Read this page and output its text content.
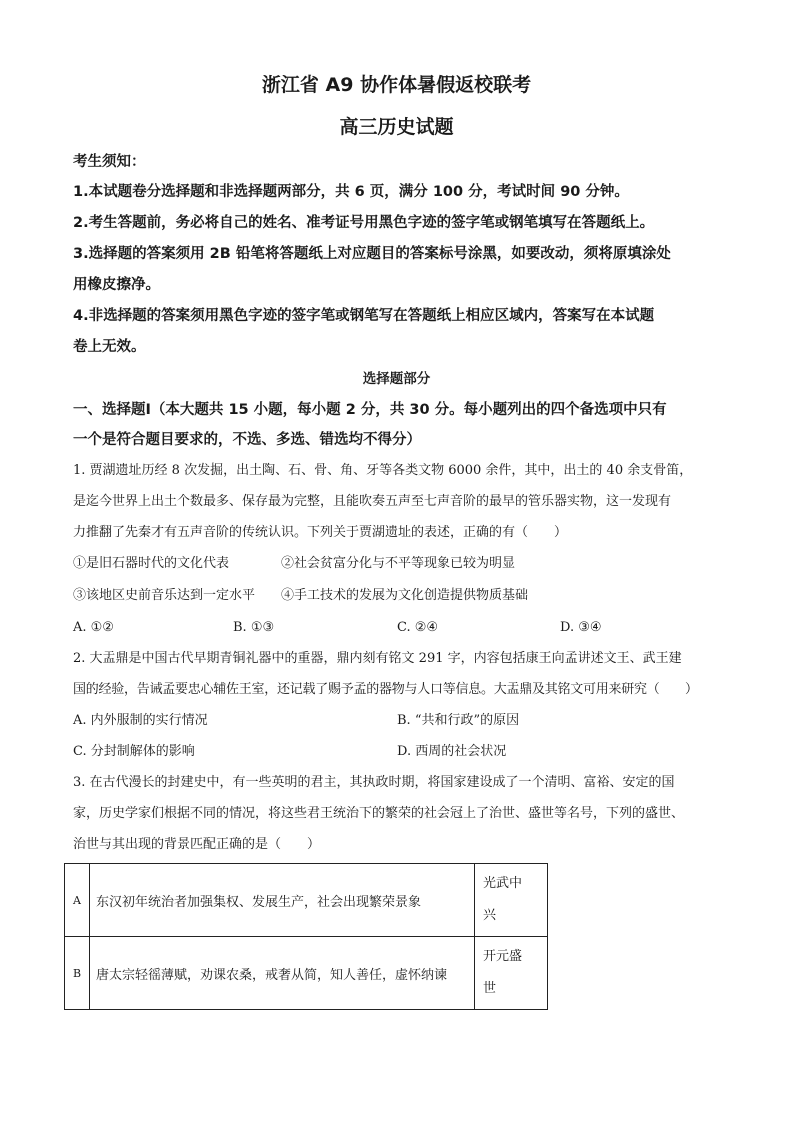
浙江省 A9 协作体暑假返校联考
高三历史试题
考生须知：
1.本试题卷分选择题和非选择题两部分，共 6 页，满分 100 分，考试时间 90 分钟。
2.考生答题前，务必将自己的姓名、准考证号用黑色字迹的签字笔或钢笔填写在答题纸上。
3.选择题的答案须用 2B 铅笔将答题纸上对应题目的答案标号涂黑，如要改动，须将原填涂处
用橡皮擦净。
4.非选择题的答案须用黑色字迹的签字笔或钢笔写在答题纸上相应区域内，答案写在本试题
卷上无效。
选择题部分
一、选择题Ⅰ（本大题共 15 小题，每小题 2 分，共 30 分。每小题列出的四个备选项中只有
一个是符合题目要求的，不选、多选、错选均不得分）
1. 贾湖遗址历经 8 次发掘，出土陶、石、骨、角、牙等各类文物 6000 余件，其中，出土的 40 余支骨笛，
是迄今世界上出土个数最多、保存最为完整，且能吹奏五声至七声音阶的最早的管乐器实物，这一发现有
力推翻了先秦才有五声音阶的传统认识。下列关于贾湖遗址的表述，正确的有（　　）
①是旧石器时代的文化代表	②社会贫富分化与不平等现象已较为明显
③该地区史前音乐达到一定水平 ④手工技术的发展为文化创造提供物质基础
A. ①②	B. ①③	C. ②④	D. ③④
2. 大盂鼎是中国古代早期青铜礼器中的重器，鼎内刻有铭文 291 字，内容包括康王向孟讲述文王、武王建
国的经验，告诫孟要忠心辅佐王室，还记载了赐予孟的器物与人口等信息。大盂鼎及其铭文可用来研究（　　）
A. 内外服制的实行情况	B. “共和行政”的原因
C. 分封制解体的影响	D. 西周的社会状况
3. 在古代漫长的封建史中，有一些英明的君主，其执政时期，将国家建设成了一个清明、富裕、安定的国
家，历史学家们根据不同的情况，将这些君王统治下的繁荣的社会冠上了治世、盛世等名号，下列的盛世、
治世与其出现的背景匹配正确的是（　　）
A	东汉初年统治者加强集权、发展生产，社会出现繁荣景象	光武中
兴
B	唐太宗轻徭薄赋，劝课农桑，戒奢从简，知人善任，虚怀纳谏	开元盛
世
